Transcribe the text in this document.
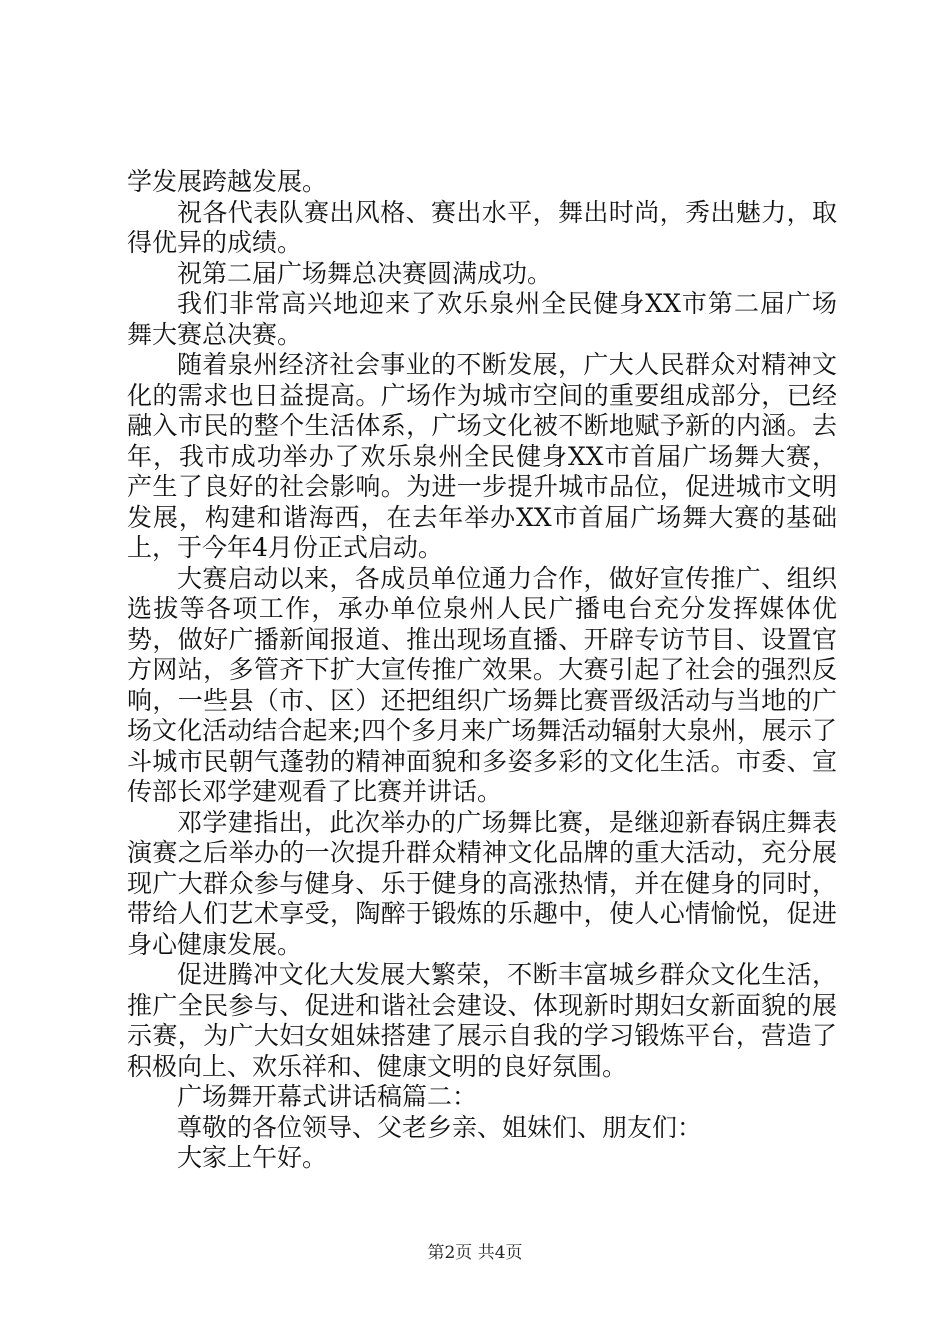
学发展跨越发展。

祝各代表队赛出风格、赛出水平，舞出时尚，秀出魅力，取得优异的成绩。

祝第二届广场舞总决赛圆满成功。

我们非常高兴地迎来了欢乐泉州全民健身XX市第二届广场舞大赛总决赛。

随着泉州经济社会事业的不断发展，广大人民群众对精神文化的需求也日益提高。广场作为城市空间的重要组成部分，已经融入市民的整个生活体系，广场文化被不断地赋予新的内涵。去年，我市成功举办了欢乐泉州全民健身XX市首届广场舞大赛，产生了良好的社会影响。为进一步提升城市品位，促进城市文明发展，构建和谐海西，在去年举办XX市首届广场舞大赛的基础上，于今年4月份正式启动。

大赛启动以来，各成员单位通力合作，做好宣传推广、组织选拔等各项工作，承办单位泉州人民广播电台充分发挥媒体优势，做好广播新闻报道、推出现场直播、开辟专访节目、设置官方网站，多管齐下扩大宣传推广效果。大赛引起了社会的强烈反响，一些县（市、区）还把组织广场舞比赛晋级活动与当地的广场文化活动结合起来;四个多月来广场舞活动辐射大泉州，展示了斗城市民朝气蓬勃的精神面貌和多姿多彩的文化生活。市委、宣传部长邓学建观看了比赛并讲话。

邓学建指出，此次举办的广场舞比赛，是继迎新春锅庄舞表演赛之后举办的一次提升群众精神文化品牌的重大活动，充分展现广大群众参与健身、乐于健身的高涨热情，并在健身的同时，带给人们艺术享受，陶醉于锻炼的乐趣中，使人心情愉悦，促进身心健康发展。

促进腾冲文化大发展大繁荣，不断丰富城乡群众文化生活，推广全民参与、促进和谐社会建设、体现新时期妇女新面貌的展示赛，为广大妇女姐妹搭建了展示自我的学习锻炼平台，营造了积极向上、欢乐祥和、健康文明的良好氛围。

广场舞开幕式讲话稿篇二：

尊敬的各位领导、父老乡亲、姐妹们、朋友们：

大家上午好。

第2页 共4页
